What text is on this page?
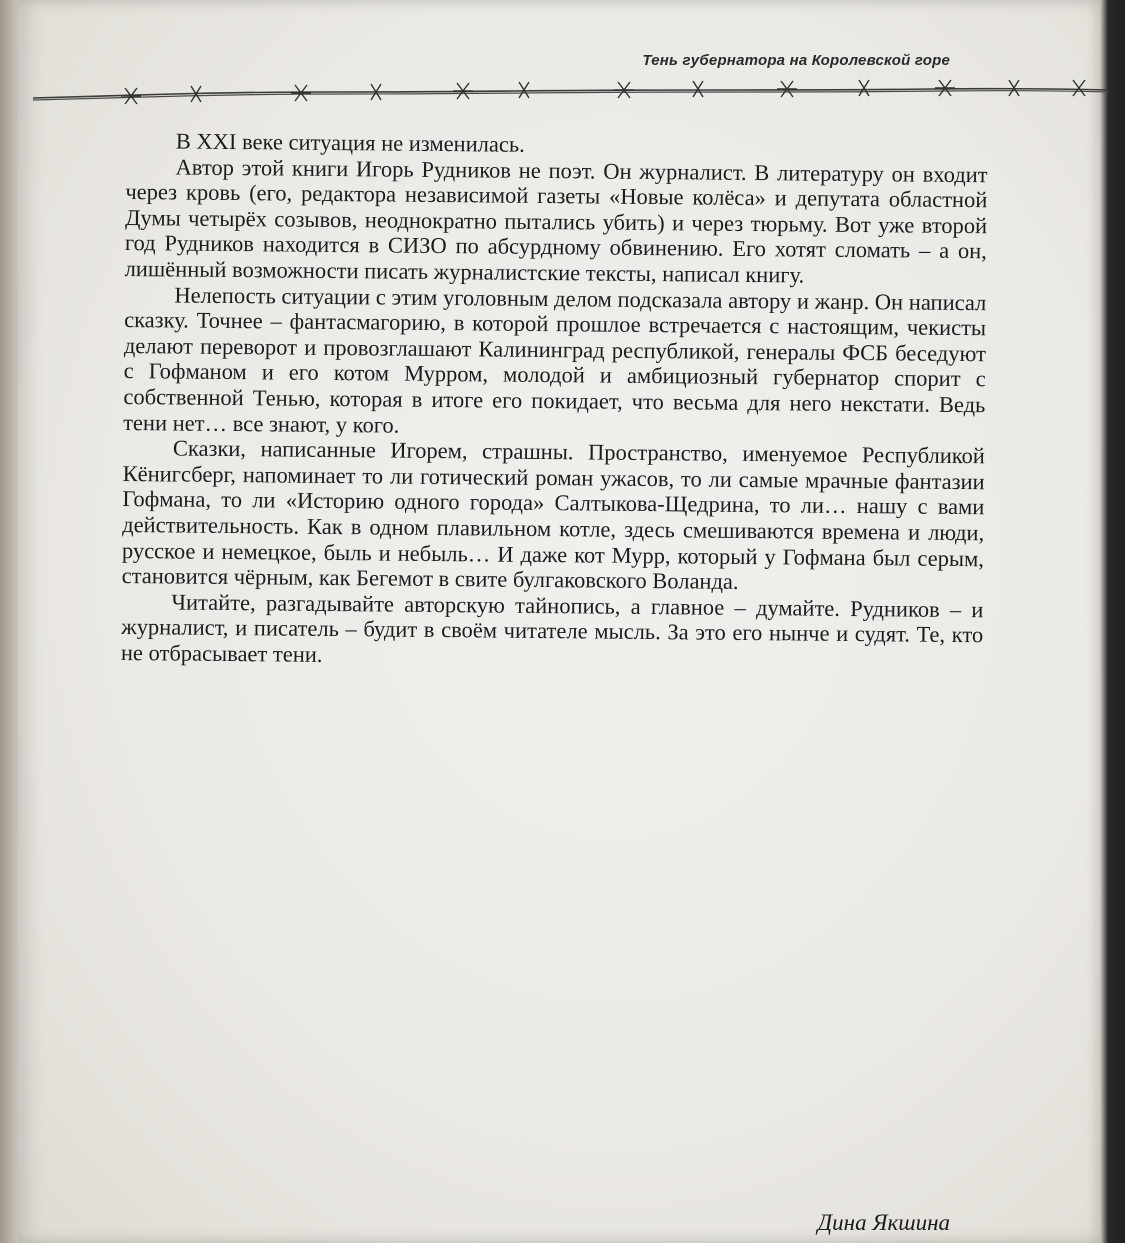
Тень губернатора на Королевской горе

В XXI веке ситуация не изменилась.

Автор этой книги Игорь Рудников не поэт. Он журналист. В литературу он входит через кровь (его, редактора независимой газеты «Новые колёса» и депутата областной Думы четырёх созывов, неоднократно пытались убить) и через тюрьму. Вот уже второй год Рудников находится в СИЗО по абсурдному обвинению. Его хотят сломать – а он, лишённый возможности писать журналистские тексты, написал книгу.

Нелепость ситуации с этим уголовным делом подсказала автору и жанр. Он написал сказку. Точнее – фантасмагорию, в которой прошлое встречается с настоящим, чекисты делают переворот и провозглашают Калининград республикой, генералы ФСБ беседуют с Гофманом и его котом Мурром, молодой и амбициозный губернатор спорит с собственной Тенью, которая в итоге его покидает, что весьма для него некстати. Ведь тени нет… все знают, у кого.

Сказки, написанные Игорем, страшны. Пространство, именуемое Республикой Кёнигсберг, напоминает то ли готический роман ужасов, то ли самые мрачные фантазии Гофмана, то ли «Историю одного города» Салтыкова-Щедрина, то ли… нашу с вами действительность. Как в одном плавильном котле, здесь смешиваются времена и люди, русское и немецкое, быль и небыль… И даже кот Мурр, который у Гофмана был серым, становится чёрным, как Бегемот в свите булгаковского Воланда.

Читайте, разгадывайте авторскую тайнопись, а главное – думайте. Рудников – и журналист, и писатель – будит в своём читателе мысль. За это его нынче и судят. Те, кто не отбрасывает тени.

Дина Якшина
